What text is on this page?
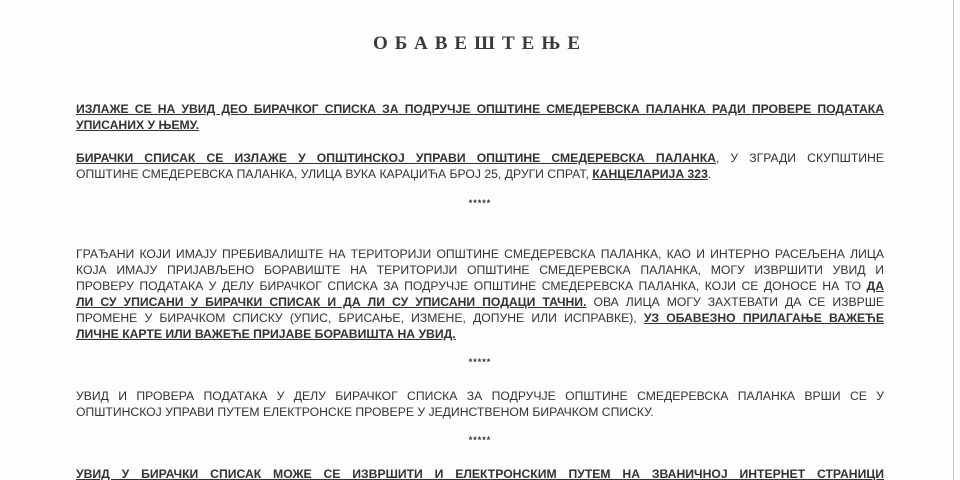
ОБАВЕШТЕЊЕ
ИЗЛАЖЕ СЕ НА УВИД ДЕО БИРАЧКОГ СПИСКА ЗА ПОДРУЧЈЕ ОПШТИНЕ СМЕДЕРЕВСКА ПАЛАНКА РАДИ ПРОВЕРЕ ПОДАТАКА
УПИСАНИХ У ЊЕМУ.
БИРАЧКИ СПИСАК СЕ ИЗЛАЖЕ У ОПШТИНСКОЈ УПРАВИ ОПШТИНЕ СМЕДЕРЕВСКА ПАЛАНКА, У ЗГРАДИ СКУПШТИНЕ
ОПШТИНЕ СМЕДЕРЕВСКА ПАЛАНКА, УЛИЦА ВУКА КАРАЏИЋА БРОЈ 25, ДРУГИ СПРАТ, КАНЦЕЛАРИЈА 323.
*****
ГРАЂАНИ КОЈИ ИМАЈУ ПРЕБИВАЛИШТЕ НА ТЕРИТОРИЈИ ОПШТИНЕ СМЕДЕРЕВСКА ПАЛАНКА, КАО И ИНТЕРНО РАСЕЉЕНА ЛИЦА
КОЈА ИМАЈУ ПРИЈАВЉЕНО БОРАВИШТЕ НА ТЕРИТОРИЈИ ОПШТИНЕ СМЕДЕРЕВСКА ПАЛАНКА, МОГУ ИЗВРШИТИ УВИД И
ПРОВЕРУ ПОДАТАКА У ДЕЛУ БИРАЧКОГ СПИСКА ЗА ПОДРУЧЈЕ ОПШТИНЕ СМЕДЕРЕВСКА ПАЛАНКА, КОЈИ СЕ ДОНОСЕ НА ТО ДА
ЛИ СУ УПИСАНИ У БИРАЧКИ СПИСАК И ДА ЛИ СУ УПИСАНИ ПОДАЦИ ТАЧНИ. ОВА ЛИЦА МОГУ ЗАХТЕВАТИ ДА СЕ ИЗВРШЕ
ПРОМЕНЕ У БИРАЧКОМ СПИСКУ (УПИС, БРИСАЊЕ, ИЗМЕНЕ, ДОПУНЕ ИЛИ ИСПРАВКЕ), УЗ ОБАВЕЗНО ПРИЛАГАЊЕ ВАЖЕЋЕ
ЛИЧНЕ КАРТЕ ИЛИ ВАЖЕЋЕ ПРИЈАВЕ БОРАВИШТА НА УВИД.
*****
УВИД И ПРОВЕРА ПОДАТАКА У ДЕЛУ БИРАЧКОГ СПИСКА ЗА ПОДРУЧЈЕ ОПШТИНЕ СМЕДЕРЕВСКА ПАЛАНКА ВРШИ СЕ У
ОПШТИНСКОЈ УПРАВИ ПУТЕМ ЕЛЕКТРОНСКЕ ПРОВЕРЕ У ЈЕДИНСТВЕНОМ БИРАЧКОМ СПИСКУ.
*****
УВИД У БИРАЧКИ СПИСАК МОЖЕ СЕ ИЗВРШИТИ И ЕЛЕКТРОНСКИМ ПУТЕМ НА ЗВАНИЧНОЈ ИНТЕРНЕТ СТРАНИЦИ
